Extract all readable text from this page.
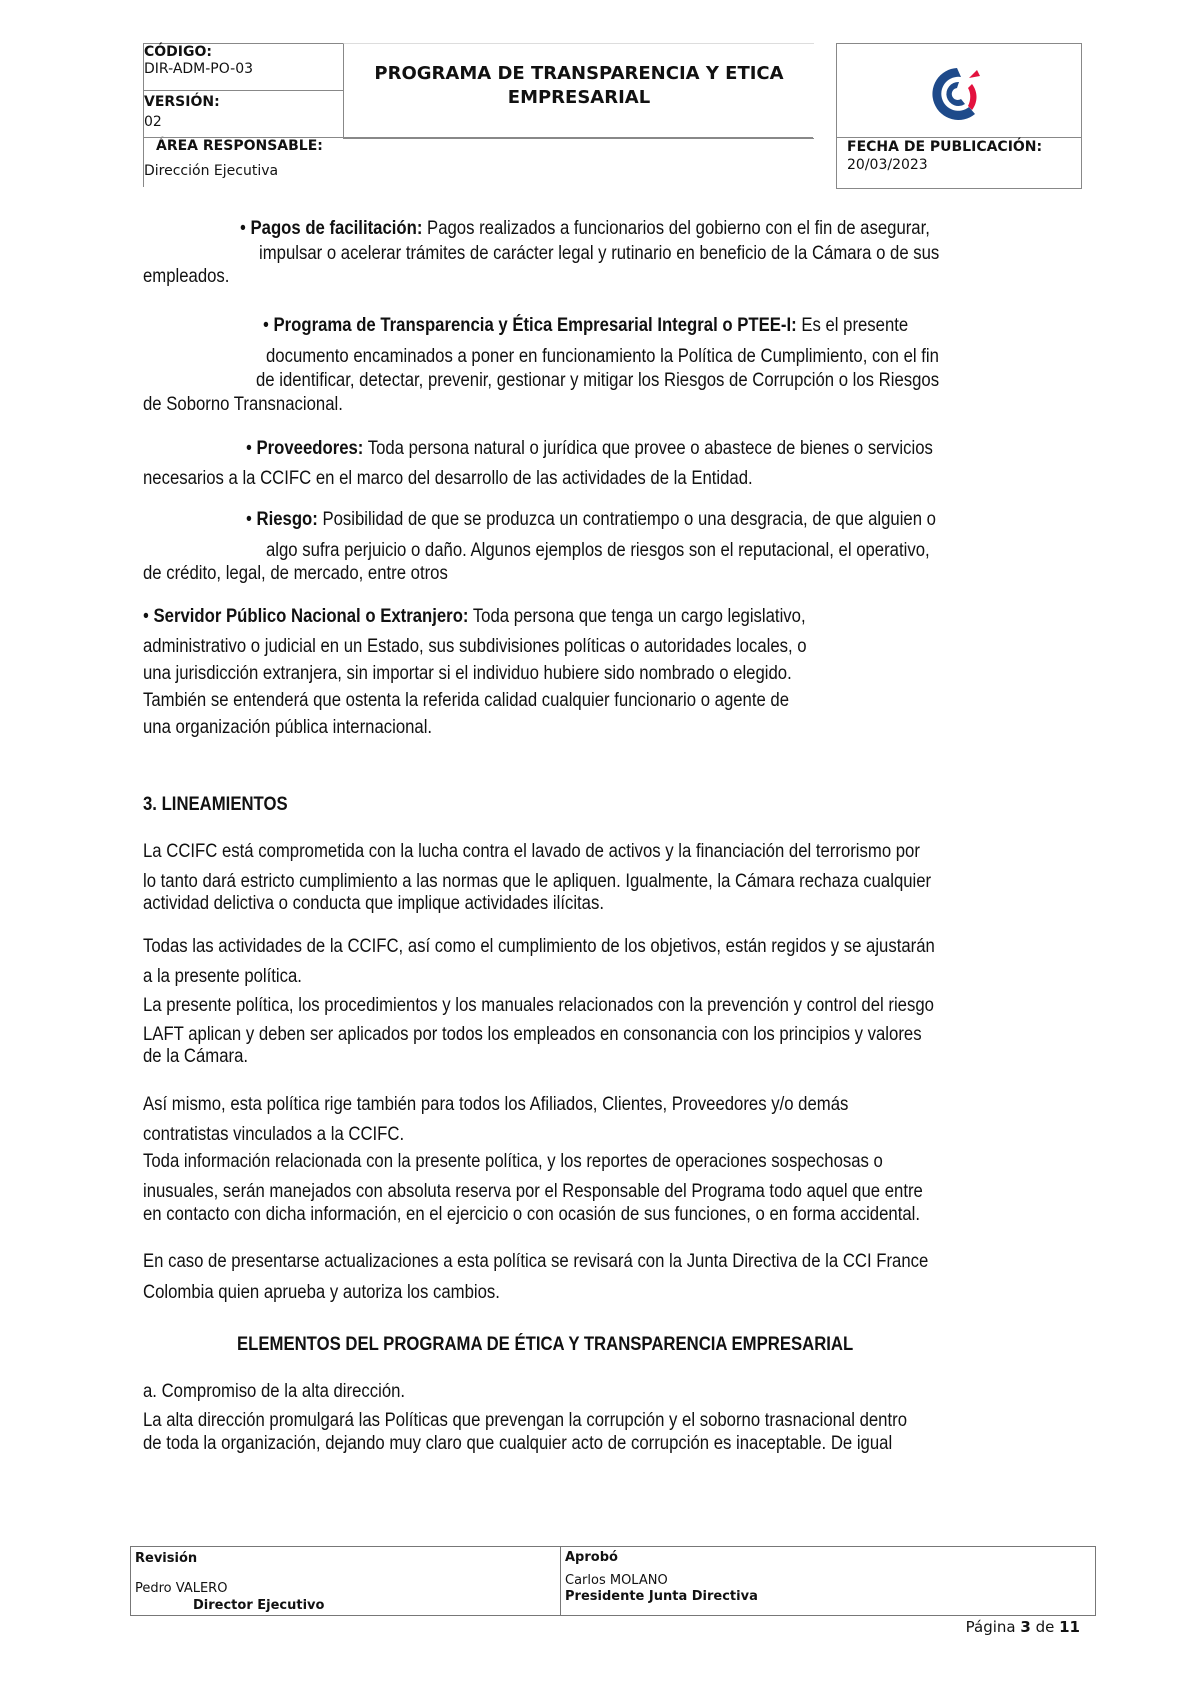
CÓDIGO:
DIR-ADM-PO-03
VERSIÓN:
02
ÁREA RESPONSABLE:
Dirección Ejecutiva
PROGRAMA DE TRANSPARENCIA Y ETICA
EMPRESARIAL
FECHA DE PUBLICACIÓN:
20/03/2023
• Pagos de facilitación: Pagos realizados a funcionarios del gobierno con el fin de asegurar,
impulsar o acelerar trámites de carácter legal y rutinario en beneficio de la Cámara o de sus
empleados.
• Programa de Transparencia y Ética Empresarial Integral o PTEE-I: Es el presente
documento encaminados a poner en funcionamiento la Política de Cumplimiento, con el fin
de identificar, detectar, prevenir, gestionar y mitigar los Riesgos de Corrupción o los Riesgos
de Soborno Transnacional.
• Proveedores: Toda persona natural o jurídica que provee o abastece de bienes o servicios
necesarios a la CCIFC en el marco del desarrollo de las actividades de la Entidad.
• Riesgo: Posibilidad de que se produzca un contratiempo o una desgracia, de que alguien o
algo sufra perjuicio o daño. Algunos ejemplos de riesgos son el reputacional, el operativo,
de crédito, legal, de mercado, entre otros
• Servidor Público Nacional o Extranjero: Toda persona que tenga un cargo legislativo,
administrativo o judicial en un Estado, sus subdivisiones políticas o autoridades locales, o
una jurisdicción extranjera, sin importar si el individuo hubiere sido nombrado o elegido.
También se entenderá que ostenta la referida calidad cualquier funcionario o agente de
una organización pública internacional.
3. LINEAMIENTOS
La CCIFC está comprometida con la lucha contra el lavado de activos y la financiación del terrorismo por
lo tanto dará estricto cumplimiento a las normas que le apliquen. Igualmente, la Cámara rechaza cualquier
actividad delictiva o conducta que implique actividades ilícitas.
Todas las actividades de la CCIFC, así como el cumplimiento de los objetivos, están regidos y se ajustarán
a la presente política.
La presente política, los procedimientos y los manuales relacionados con la prevención y control del riesgo
LAFT aplican y deben ser aplicados por todos los empleados en consonancia con los principios y valores
de la Cámara.
Así mismo, esta política rige también para todos los Afiliados, Clientes, Proveedores y/o demás
contratistas vinculados a la CCIFC.
Toda información relacionada con la presente política, y los reportes de operaciones sospechosas o
inusuales, serán manejados con absoluta reserva por el Responsable del Programa todo aquel que entre
en contacto con dicha información, en el ejercicio o con ocasión de sus funciones, o en forma accidental.
En caso de presentarse actualizaciones a esta política se revisará con la Junta Directiva de la CCI France
Colombia quien aprueba y autoriza los cambios.
ELEMENTOS DEL PROGRAMA DE ÉTICA Y TRANSPARENCIA EMPRESARIAL
a. Compromiso de la alta dirección.
La alta dirección promulgará las Políticas que prevengan la corrupción y el soborno trasnacional dentro
de toda la organización, dejando muy claro que cualquier acto de corrupción es inaceptable. De igual
Revisión
Pedro VALERO
Director Ejecutivo
Aprobó
Carlos MOLANO
Presidente Junta Directiva
Página 3 de 11
